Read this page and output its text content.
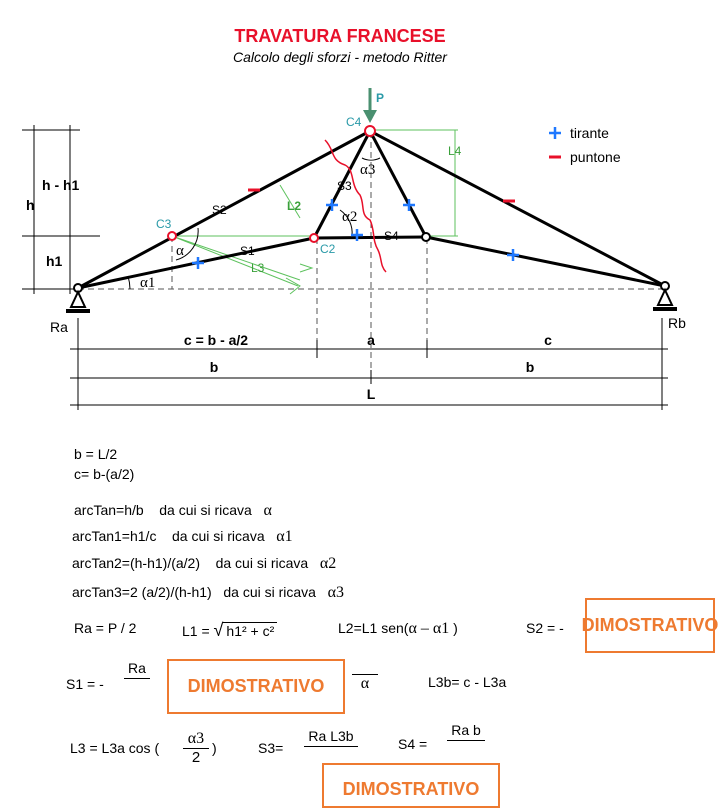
TRAVATURA FRANCESE
Calcolo degli sforzi - metodo Ritter
tirante
puntone
P
C4
C3
C2
Ra	Rb
S1
S2
S3
S4
L2
L3
L4
α
α1
α2
α3
h - h1
h
h1
c = b - a/2	a	c
b	b
L
b = L/2
c= b-(a/2)
arcTan=h/b da cui si ricava α
arcTan1=h1/c da cui si ricava α1
arcTan2=(h-h1)/(a/2) da cui si ricava α2
arcTan3=2 (a/2)/(h-h1) da cui si ricava α3
Ra = P / 2	L1 = √ h1² + c²	L2=L1 sen(α – α1 )	S2 = - DIMOSTRATIVO
S1 = -
Ra
DIMOSTRATIVO	α	L3b= c - L3a
L3 = L3a cos ( $\frac{\alpha 3}{2}$ )	S3=
Ra L3b	S4 =
Ra b
DIMOSTRATIVO
